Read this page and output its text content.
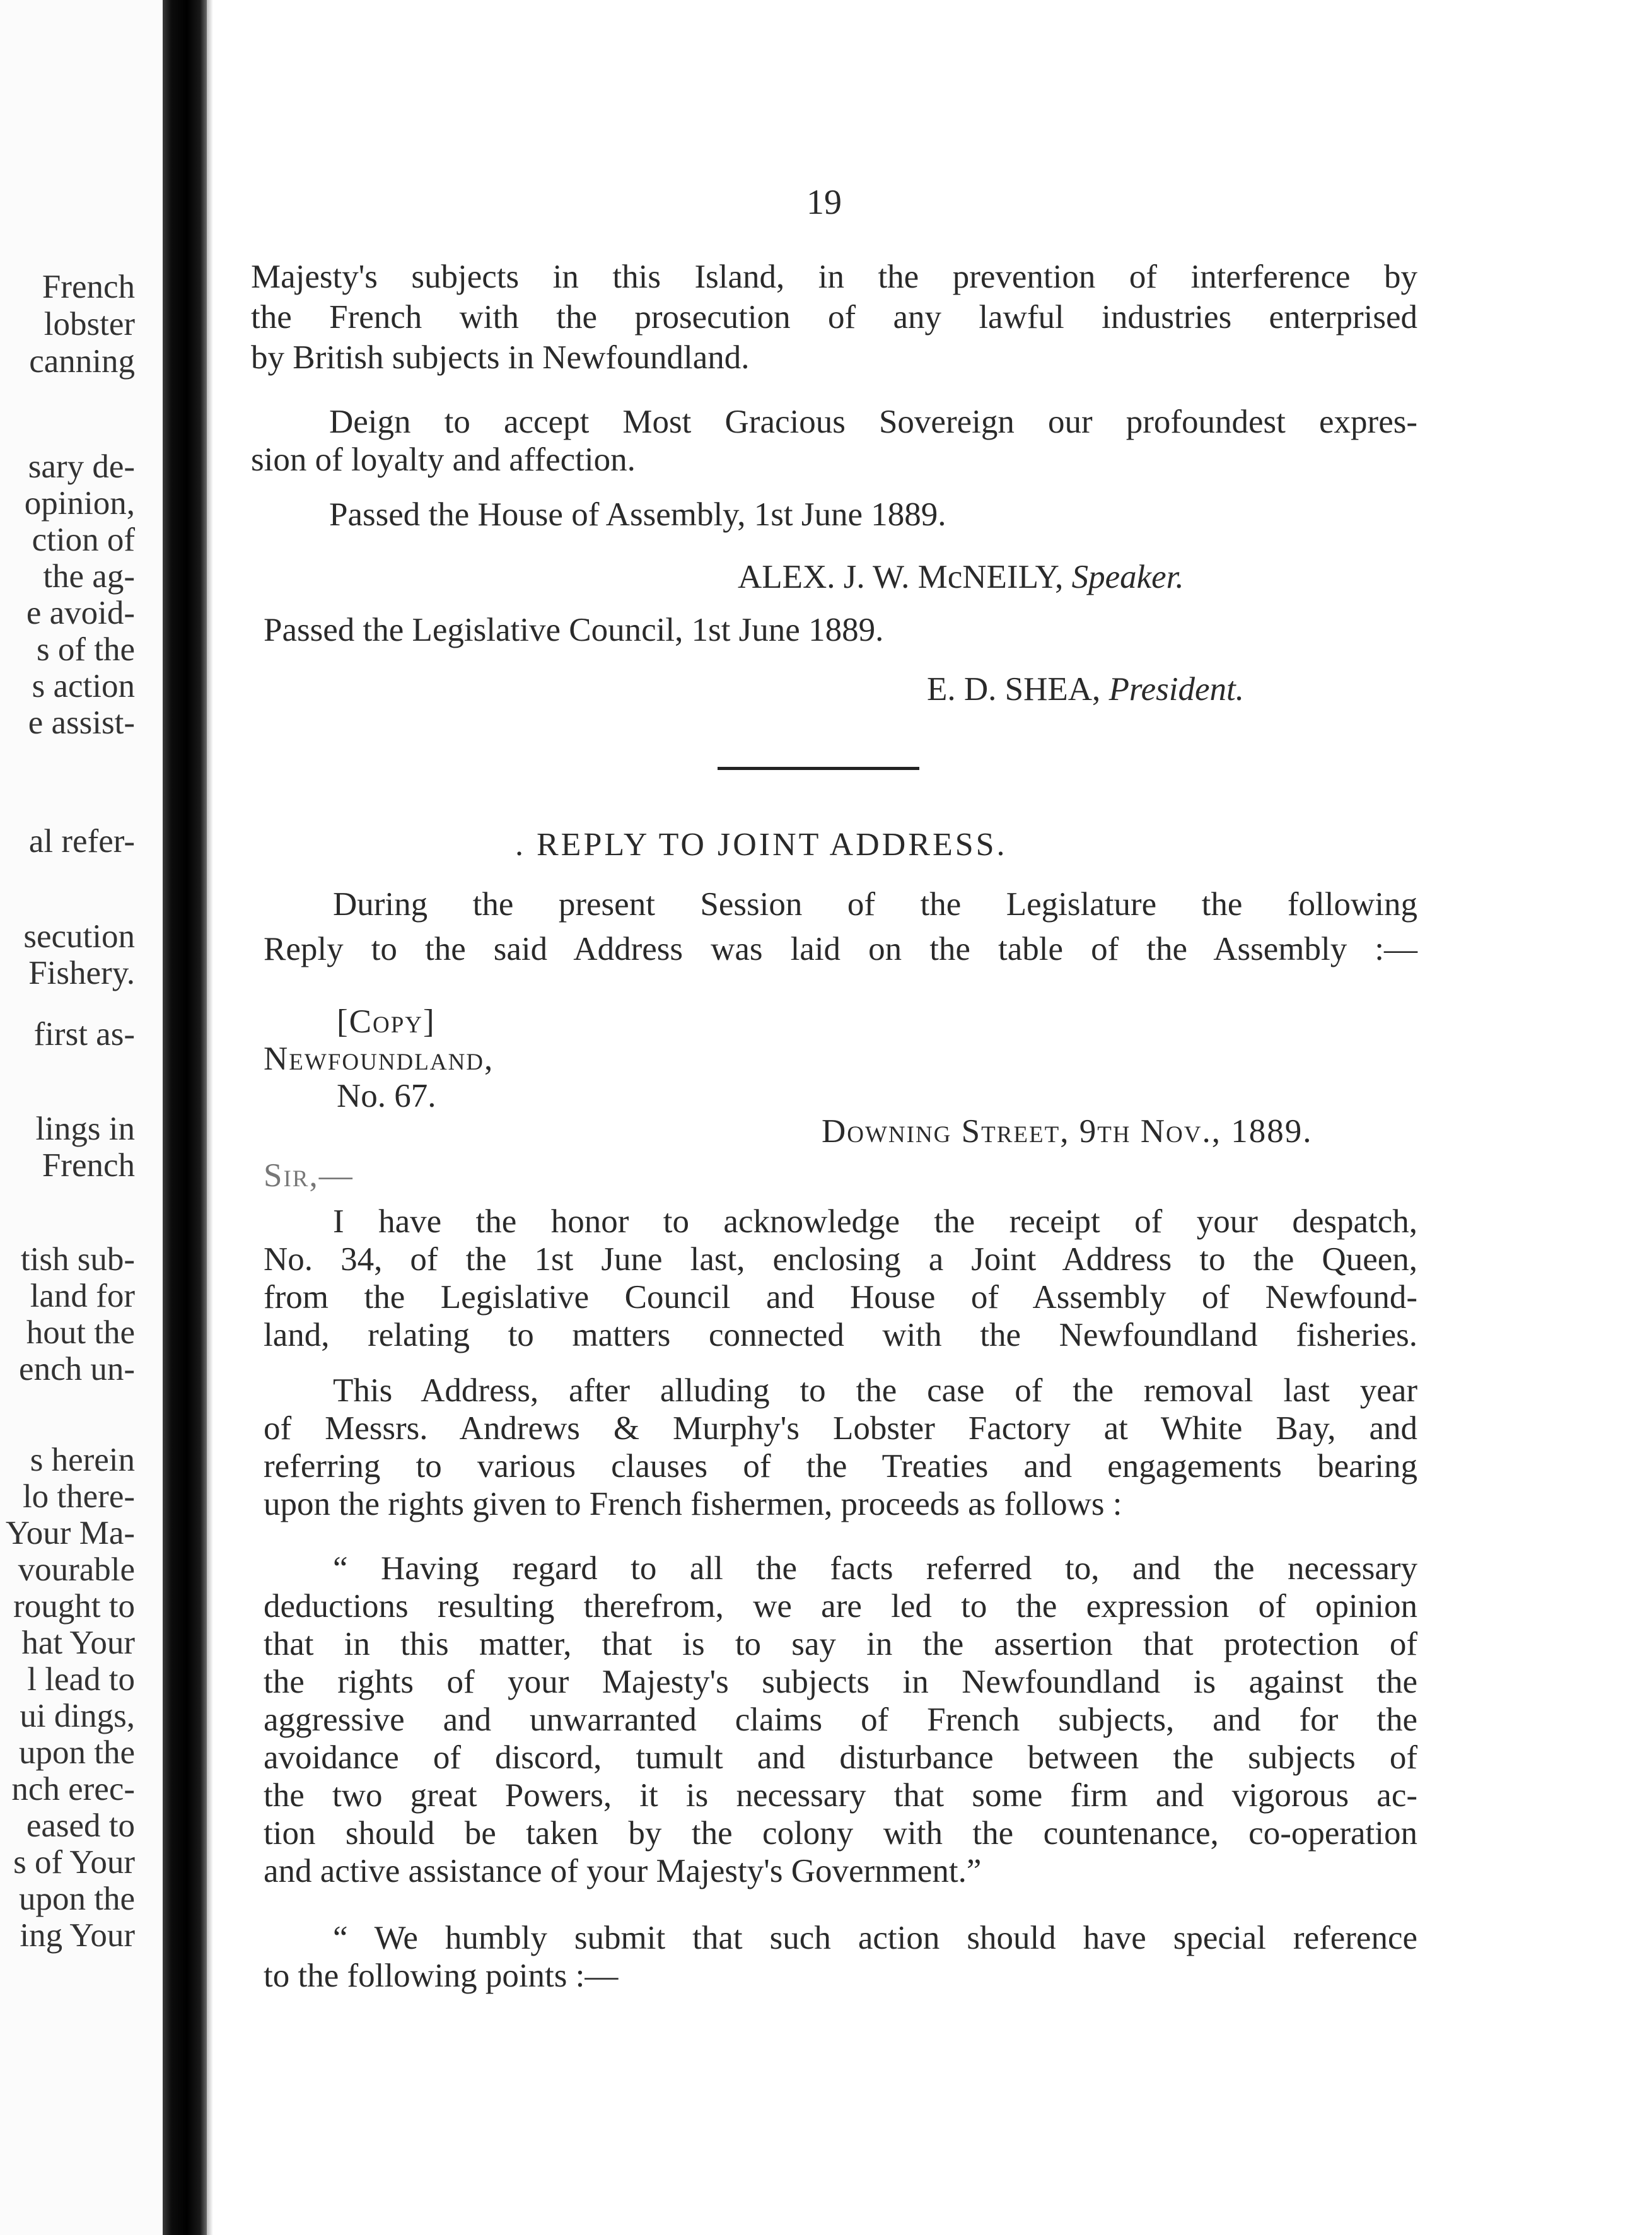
French
lobster
canning
sary de-
opinion,
ction of
the ag-
e avoid-
s of the
s action
e assist-
al refer-
secution
Fishery.
first as-
lings in
French
tish sub-
land for
hout the
ench un-
s herein
lo there-
Your Ma-
vourable
rought to
hat Your
l lead to
ui dings,
upon the
nch erec-
eased to
s of Your
upon the
ing Your
19
Majesty's subjects in this Island, in the prevention of interference by
the French with the prosecution of any lawful industries enterprised
by British subjects in Newfoundland.
Deign to accept Most Gracious Sovereign our profoundest expres-
sion of loyalty and affection.
Passed the House of Assembly, 1st June 1889.
ALEX. J. W. McNEILY, Speaker.
Passed the Legislative Council, 1st June 1889.
E. D. SHEA, President.
. REPLY TO JOINT ADDRESS.
During the present Session of the Legislature the following
Reply to the said Address was laid on the table of the Assembly :—
[Copy]
Newfoundland,
No. 67.
Downing Street, 9th Nov., 1889.
Sir,—
I have the honor to acknowledge the receipt of your despatch,
No. 34, of the 1st June last, enclosing a Joint Address to the Queen,
from the Legislative Council and House of Assembly of Newfound-
land, relating to matters connected with the Newfoundland fisheries.
This Address, after alluding to the case of the removal last year
of Messrs. Andrews & Murphy's Lobster Factory at White Bay, and
referring to various clauses of the Treaties and engagements bearing
upon the rights given to French fishermen, proceeds as follows :
“ Having regard to all the facts referred to, and the necessary
deductions resulting therefrom, we are led to the expression of opinion
that in this matter, that is to say in the assertion that protection of
the rights of your Majesty's subjects in Newfoundland is against the
aggressive and unwarranted claims of French subjects, and for the
avoidance of discord, tumult and disturbance between the subjects of
the two great Powers, it is necessary that some firm and vigorous ac-
tion should be taken by the colony with the countenance, co-operation
and active assistance of your Majesty's Government.”
“ We humbly submit that such action should have special reference
to the following points :—
